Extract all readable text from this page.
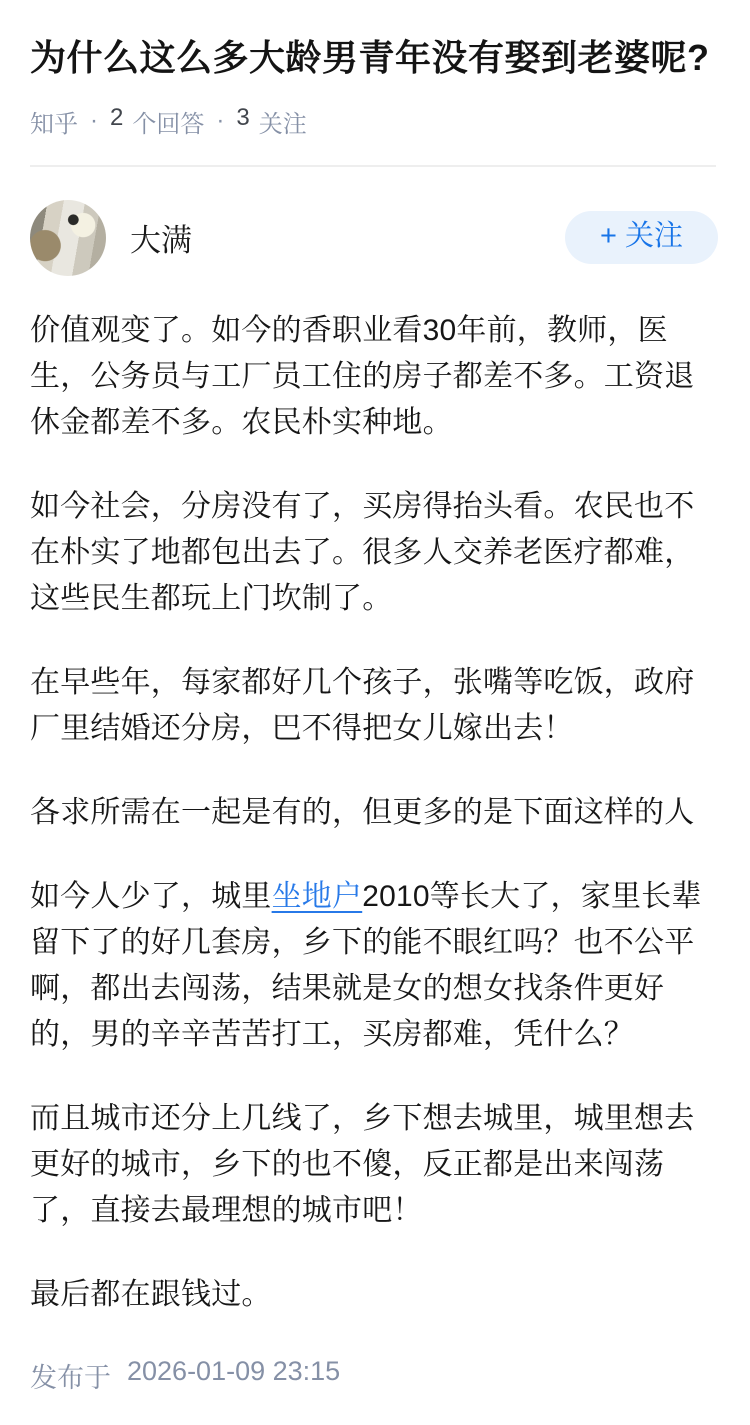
为什么这么多大龄男青年没有娶到老婆呢?
知乎 · 2 个回答 · 3 关注
大满	+ 关注

价值观变了。如今的香职业看30年前，教师，医生，公务员与工厂员工住的房子都差不多。工资退休金都差不多。农民朴实种地。

如今社会，分房没有了，买房得抬头看。农民也不在朴实了地都包出去了。很多人交养老医疗都难，这些民生都玩上门坎制了。

在早些年，每家都好几个孩子，张嘴等吃饭，政府厂里结婚还分房，巴不得把女儿嫁出去！

各求所需在一起是有的，但更多的是下面这样的人

如今人少了，城里坐地户2010等长大了，家里长辈留下了的好几套房，乡下的能不眼红吗？也不公平啊，都出去闯荡，结果就是女的想女找条件更好的，男的辛辛苦苦打工，买房都难，凭什么？

而且城市还分上几线了，乡下想去城里，城里想去更好的城市，乡下的也不傻，反正都是出来闯荡了，直接去最理想的城市吧！

最后都在跟钱过。

发布于 2026-01-09 23:15
